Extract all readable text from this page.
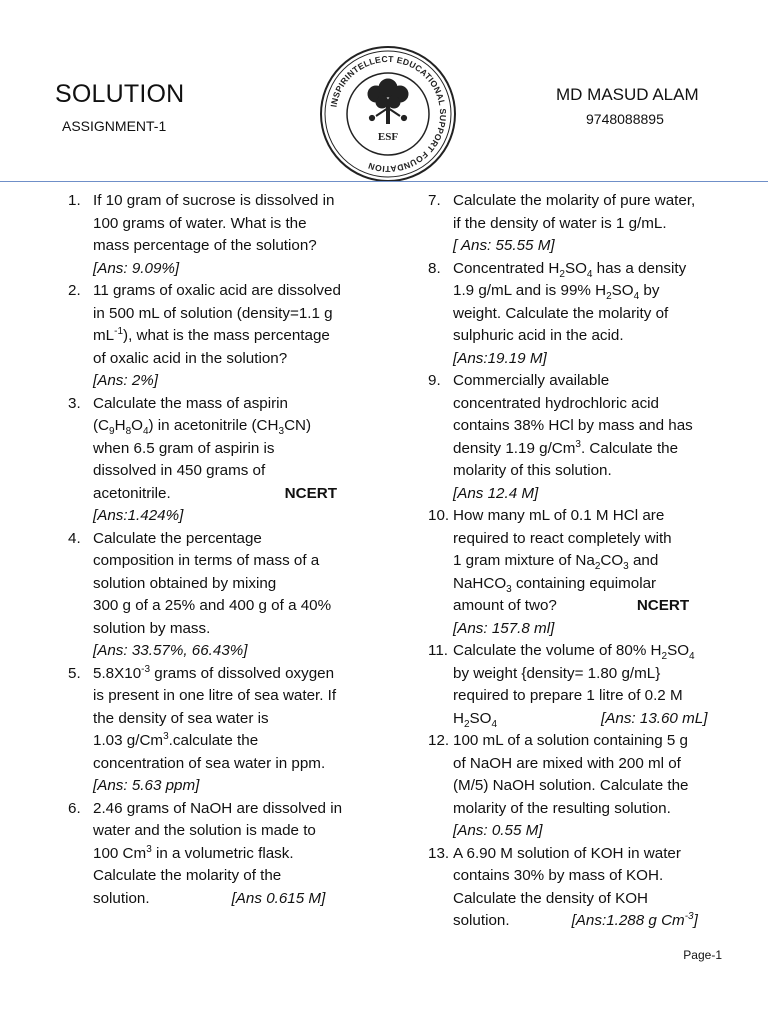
SOLUTION
ASSIGNMENT-1
MD MASUD ALAM
9748088895
INSPIRINTELLECT EDUCATIONAL SUPPORT FOUNDATION
ESF
1. If 10 gram of sucrose is dissolved in
100 grams of water. What is the
mass percentage of the solution?
[Ans: 9.09%]
2. 11 grams of oxalic acid are dissolved
in 500 mL of solution (density=1.1 g
$mL^{-1}$), what is the mass percentage
of oxalic acid in the solution?
[Ans: 2%]
3. Calculate the mass of aspirin
$(C_9H_8O_4)$ in acetonitrile $(CH_3CN)$
when 6.5 gram of aspirin is
dissolved in 450 grams of
acetonitrile.	NCERT
[Ans:1.424%]
4. Calculate the percentage
composition in terms of mass of a
solution obtained by mixing
300 g of a 25% and 400 g of a 40%
solution by mass.
[Ans: 33.57%, 66.43%]
5. $5.8X10^{-3}$ grams of dissolved oxygen
is present in one litre of sea water. If
the density of sea water is
1.03 g/Cm$^3$.calculate the
concentration of sea water in ppm.
[Ans: 5.63 ppm]
6. 2.46 grams of NaOH are dissolved in
water and the solution is made to
100 Cm$^3$ in a volumetric flask.
Calculate the molarity of the
solution.	[Ans 0.615 M]
7. Calculate the molarity of pure water,
if the density of water is 1 g/mL.
[ Ans: 55.55 M]
8. Concentrated $H_2SO_4$ has a density
1.9 g/mL and is 99% $H_2SO_4$ by
weight. Calculate the molarity of
sulphuric acid in the acid.
[Ans:19.19 M]
9. Commercially available
concentrated hydrochloric acid
contains 38% HCl by mass and has
density 1.19 g/Cm$^3$. Calculate the
molarity of this solution.
[Ans 12.4 M]
10. How many mL of 0.1 M HCl are
required to react completely with
1 gram mixture of $Na_2CO_3$ and
NaHCO$_3$ containing equimolar
amount of two?	NCERT
[Ans: 157.8 ml]
11. Calculate the volume of 80% $H_2SO_4$
by weight {density= 1.80 g/mL}
required to prepare 1 litre of 0.2 M
$H_2SO_4$	[Ans: 13.60 mL]
12. 100 mL of a solution containing 5 g
of NaOH are mixed with 200 ml of
(M/5) NaOH solution. Calculate the
molarity of the resulting solution.
[Ans: 0.55 M]
13. A 6.90 M solution of KOH in water
contains 30% by mass of KOH.
Calculate the density of KOH
solution.	[Ans:1.288 g $Cm^{-3}$]
Page-1
